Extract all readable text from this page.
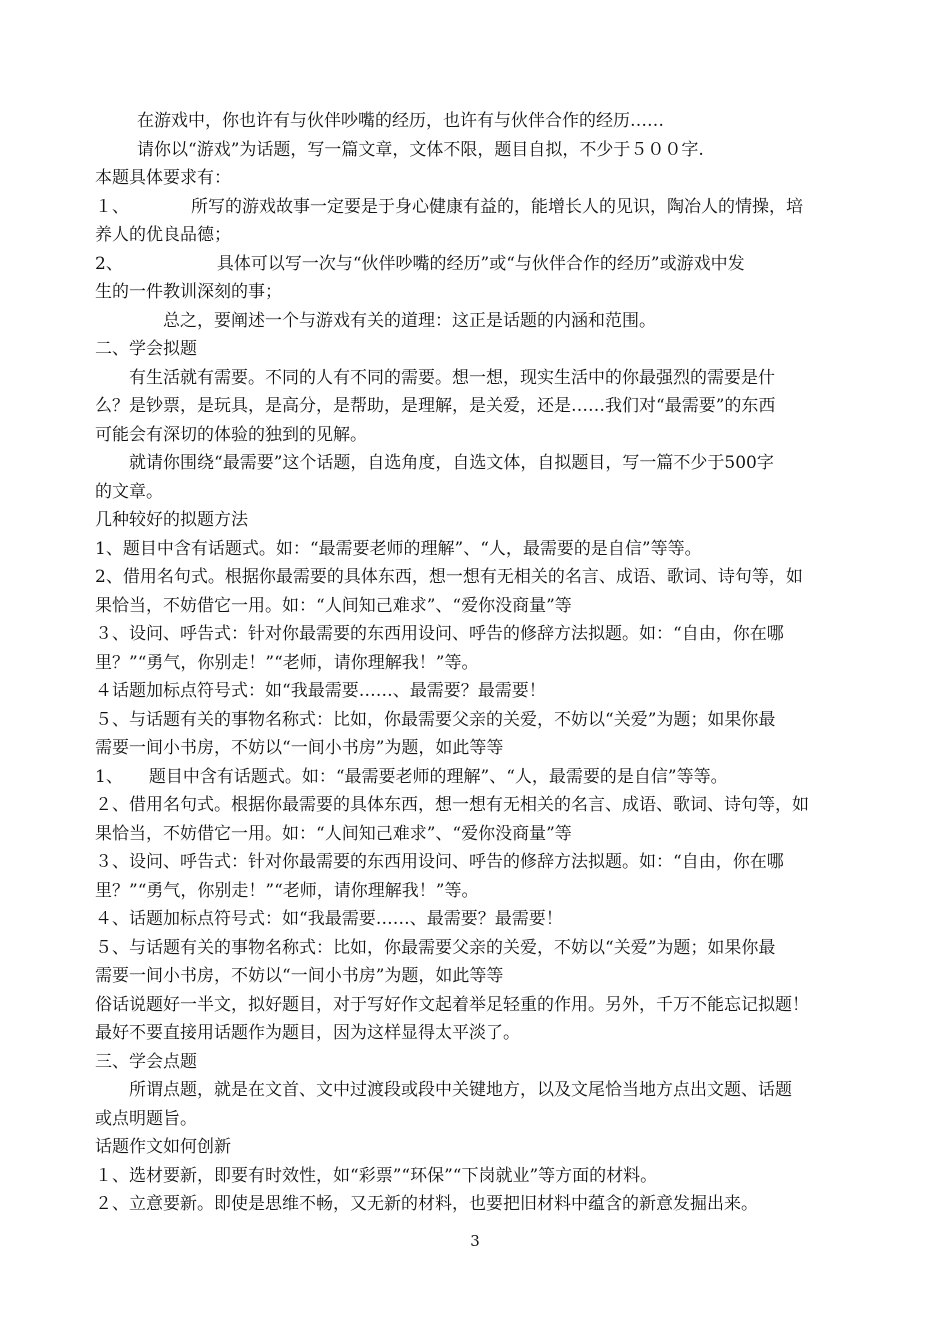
在游戏中，你也许有与伙伴吵嘴的经历，也许有与伙伴合作的经历……
请你以“游戏”为话题，写一篇文章，文体不限，题目自拟，不少于５００字.
本题具体要求有：
１、	所写的游戏故事一定要是于身心健康有益的，能增长人的见识，陶冶人的情操，培
养人的优良品德；
2、	具体可以写一次与“伙伴吵嘴的经历”或“与伙伴合作的经历”或游戏中发
生的一件教训深刻的事；
总之，要阐述一个与游戏有关的道理：这正是话题的内涵和范围。
二、学会拟题
有生活就有需要。不同的人有不同的需要。想一想，现实生活中的你最强烈的需要是什
么？是钞票，是玩具，是高分，是帮助，是理解，是关爱，还是……我们对“最需要”的东西
可能会有深切的体验的独到的见解。
就请你围绕“最需要”这个话题，自选角度，自选文体，自拟题目，写一篇不少于500字
的文章。
几种较好的拟题方法
1、题目中含有话题式。如：“最需要老师的理解”、“人，最需要的是自信”等等。
2、借用名句式。根据你最需要的具体东西，想一想有无相关的名言、成语、歌词、诗句等，如
果恰当，不妨借它一用。如：“人间知己难求”、“爱你没商量”等
３、设问、呼告式：针对你最需要的东西用设问、呼告的修辞方法拟题。如：“自由，你在哪
里？”“勇气，你别走！”“老师，请你理解我！”等。
４话题加标点符号式：如“我最需要……、最需要？最需要！
５、与话题有关的事物名称式：比如，你最需要父亲的关爱，不妨以“关爱”为题；如果你最
需要一间小书房，不妨以“一间小书房”为题，如此等等
1、 题目中含有话题式。如：“最需要老师的理解”、“人，最需要的是自信”等等。
２、借用名句式。根据你最需要的具体东西，想一想有无相关的名言、成语、歌词、诗句等，如
果恰当，不妨借它一用。如：“人间知己难求”、“爱你没商量”等
３、设问、呼告式：针对你最需要的东西用设问、呼告的修辞方法拟题。如：“自由，你在哪
里？”“勇气，你别走！”“老师，请你理解我！”等。
４、话题加标点符号式：如“我最需要……、最需要？最需要！
５、与话题有关的事物名称式：比如，你最需要父亲的关爱，不妨以“关爱”为题；如果你最
需要一间小书房，不妨以“一间小书房”为题，如此等等
俗话说题好一半文，拟好题目，对于写好作文起着举足轻重的作用。另外，千万不能忘记拟题！
最好不要直接用话题作为题目，因为这样显得太平淡了。
三、学会点题
所谓点题，就是在文首、文中过渡段或段中关键地方，以及文尾恰当地方点出文题、话题
或点明题旨。
话题作文如何创新
１、选材要新，即要有时效性，如“彩票”“环保”“下岗就业”等方面的材料。
２、立意要新。即使是思维不畅，又无新的材料，也要把旧材料中蕴含的新意发掘出来。
3
